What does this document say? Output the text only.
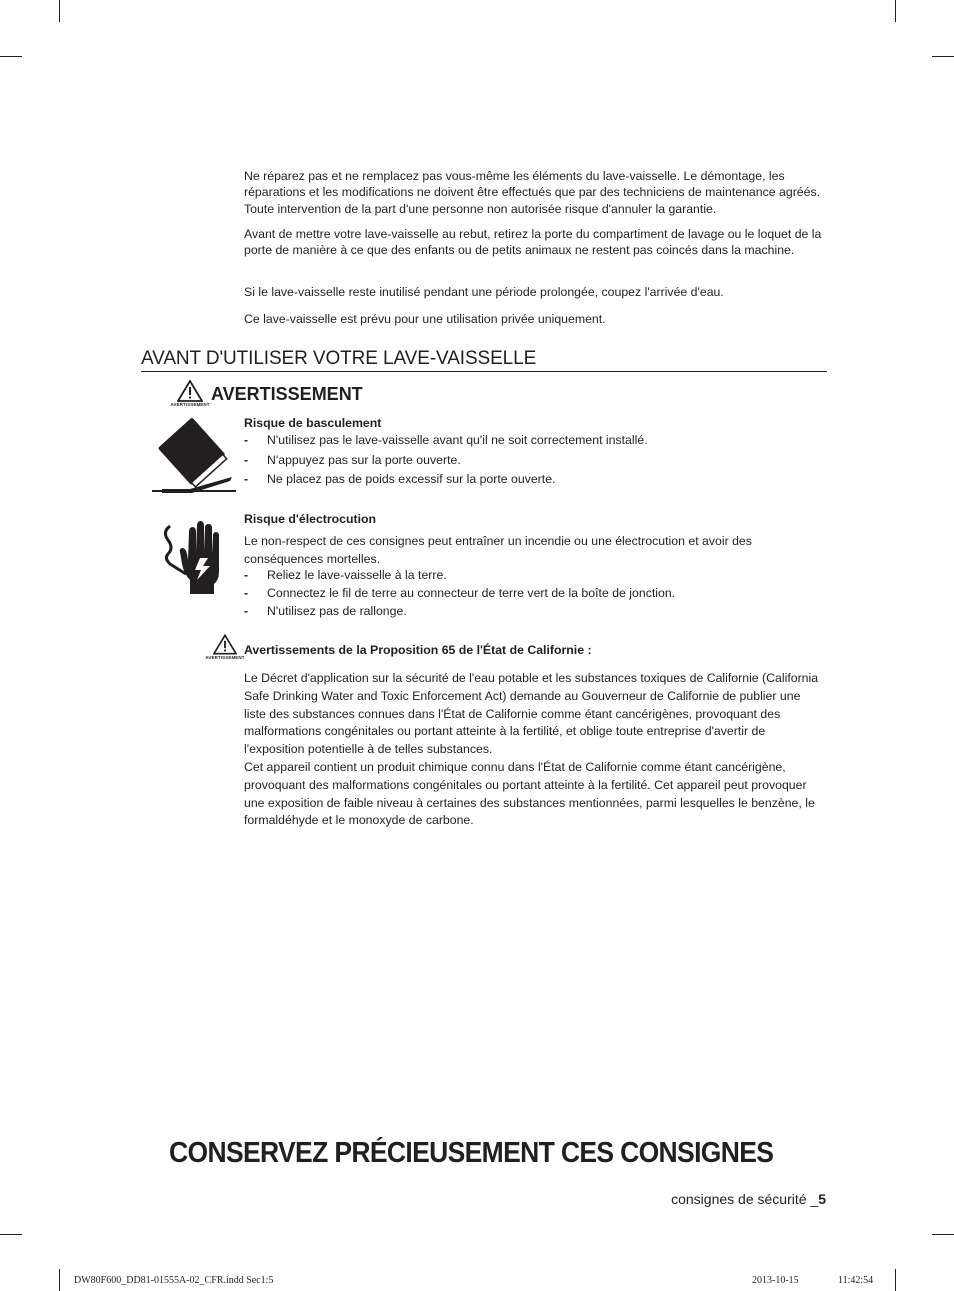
Ne réparez pas et ne remplacez pas vous-même les éléments du lave-vaisselle. Le démontage, les réparations et les modifications ne doivent être effectués que par des techniciens de maintenance agréés. Toute intervention de la part d'une personne non autorisée risque d'annuler la garantie.

Avant de mettre votre lave-vaisselle au rebut, retirez la porte du compartiment de lavage ou le loquet de la porte de manière à ce que des enfants ou de petits animaux ne restent pas coincés dans la machine.

Si le lave-vaisselle reste inutilisé pendant une période prolongée, coupez l'arrivée d'eau.

Ce lave-vaisselle est prévu pour une utilisation privée uniquement.

AVANT D'UTILISER VOTRE LAVE-VAISSELLE
AVERTISSEMENT
AVERTISSEMENT
Risque de basculement
- N'utilisez pas le lave-vaisselle avant qu'il ne soit correctement installé.
- N'appuyez pas sur la porte ouverte.
- Ne placez pas de poids excessif sur la porte ouverte.
Risque d'électrocution

Le non-respect de ces consignes peut entraîner un incendie ou une électrocution et avoir des conséquences mortelles.

- Reliez le lave-vaisselle à la terre.
- Connectez le fil de terre au connecteur de terre vert de la boîte de jonction.
- N'utilisez pas de rallonge.
AVERTISSEMENT
Avertissements de la Proposition 65 de l'État de Californie :

Le Décret d'application sur la sécurité de l'eau potable et les substances toxiques de Californie (California Safe Drinking Water and Toxic Enforcement Act) demande au Gouverneur de Californie de publier une liste des substances connues dans l'État de Californie comme étant cancérigènes, provoquant des malformations congénitales ou portant atteinte à la fertilité, et oblige toute entreprise d'avertir de l'exposition potentielle à de telles substances.

Cet appareil contient un produit chimique connu dans l'État de Californie comme étant cancérigène, provoquant des malformations congénitales ou portant atteinte à la fertilité. Cet appareil peut provoquer une exposition de faible niveau à certaines des substances mentionnées, parmi lesquelles le benzène, le formaldéhyde et le monoxyde de carbone.

CONSERVEZ PRÉCIEUSEMENT CES CONSIGNES
consignes de sécurité _5
DW80F600_DD81-01555A-02_CFR.indd Sec1:5	2013-10-15	11:42:54
